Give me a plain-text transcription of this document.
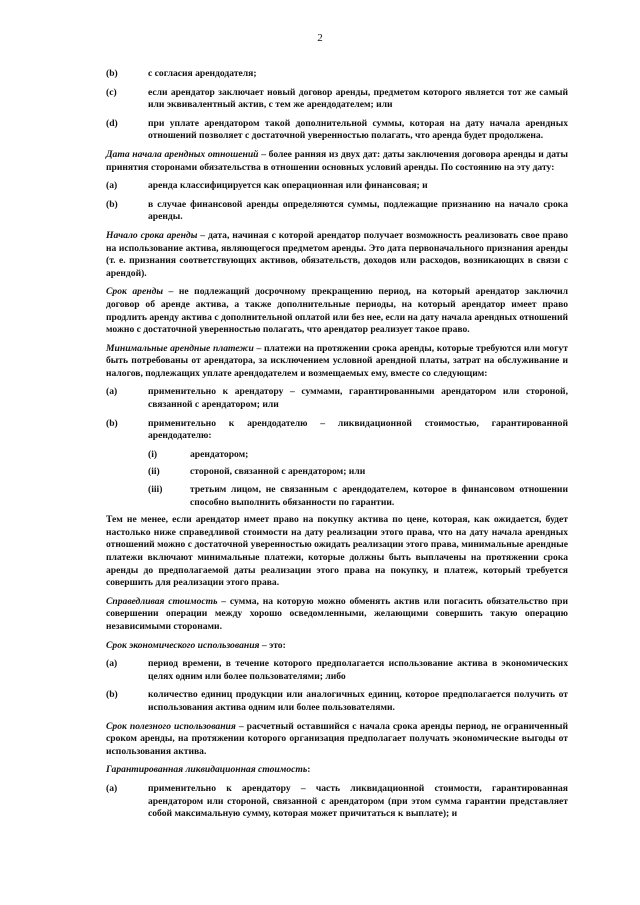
2
(b)	с согласия арендодателя;
(c)	если арендатор заключает новый договор аренды, предметом которого является тот же самый или эквивалентный актив, с тем же арендодателем; или
(d)	при уплате арендатором такой дополнительной суммы, которая на дату начала арендных отношений позволяет с достаточной уверенностью полагать, что аренда будет продолжена.

Дата начала арендных отношений – более ранняя из двух дат: даты заключения договора аренды и даты принятия сторонами обязательства в отношении основных условий аренды. По состоянию на эту дату:

(a)	аренда классифицируется как операционная или финансовая; и
(b)	в случае финансовой аренды определяются суммы, подлежащие признанию на начало срока аренды.

Начало срока аренды – дата, начиная с которой арендатор получает возможность реализовать свое право на использование актива, являющегося предметом аренды. Это дата первоначального признания аренды (т. е. признания соответствующих активов, обязательств, доходов или расходов, возникающих в связи с арендой).

Срок аренды – не подлежащий досрочному прекращению период, на который арендатор заключил договор об аренде актива, а также дополнительные периоды, на который арендатор имеет право продлить аренду актива с дополнительной оплатой или без нее, если на дату начала арендных отношений можно с достаточной уверенностью полагать, что арендатор реализует такое право.

Минимальные арендные платежи – платежи на протяжении срока аренды, которые требуются или могут быть потребованы от арендатора, за исключением условной арендной платы, затрат на обслуживание и налогов, подлежащих уплате арендодателем и возмещаемых ему, вместе со следующим:

(a)	применительно к арендатору – суммами, гарантированными арендатором или стороной, связанной с арендатором; или
(b)	применительно к арендодателю – ликвидационной стоимостью, гарантированной арендодателю:
(i)	арендатором;
(ii)	стороной, связанной с арендатором; или
(iii)	третьим лицом, не связанным с арендодателем, которое в финансовом отношении способно выполнить обязанности по гарантии.

Тем не менее, если арендатор имеет право на покупку актива по цене, которая, как ожидается, будет настолько ниже справедливой стоимости на дату реализации этого права, что на дату начала арендных отношений можно с достаточной уверенностью ожидать реализации этого права, минимальные арендные платежи включают минимальные платежи, которые должны быть выплачены на протяжении срока аренды до предполагаемой даты реализации этого права на покупку, и платеж, который требуется совершить для реализации этого права.

Справедливая стоимость – сумма, на которую можно обменять актив или погасить обязательство при совершении операции между хорошо осведомленными, желающими совершить такую операцию независимыми сторонами.

Срок экономического использования – это:

(a)	период времени, в течение которого предполагается использование актива в экономических целях одним или более пользователями; либо
(b)	количество единиц продукции или аналогичных единиц, которое предполагается получить от использования актива одним или более пользователями.

Срок полезного использования – расчетный оставшийся с начала срока аренды период, не ограниченный сроком аренды, на протяжении которого организация предполагает получать экономические выгоды от использования актива.

Гарантированная ликвидационная стоимость:

(a)	применительно к арендатору – часть ликвидационной стоимости, гарантированная арендатором или стороной, связанной с арендатором (при этом сумма гарантии представляет собой максимальную сумму, которая может причитаться к выплате); и
